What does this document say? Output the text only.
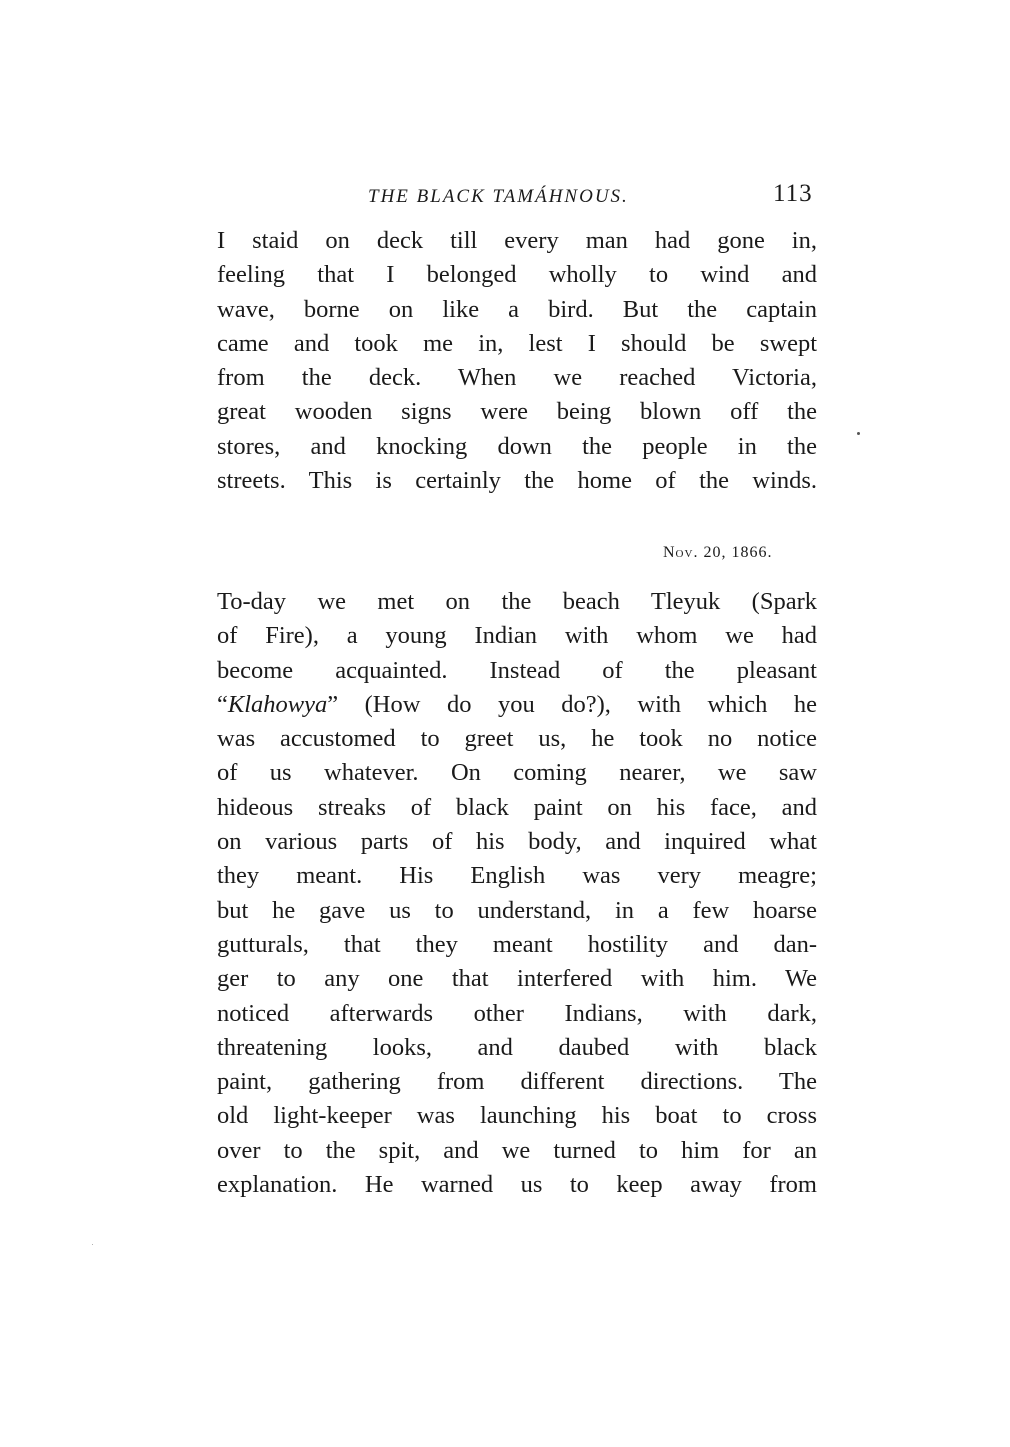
THE BLACK TAMÁHNOUS.	113

I staid on deck till every man had gone in,
feeling that I belonged wholly to wind and
wave, borne on like a bird. But the captain
came and took me in, lest I should be swept
from the deck. When we reached Victoria,
great wooden signs were being blown off the
stores, and knocking down the people in the
streets. This is certainly the home of the winds.

Nov. 20, 1866.

To-day we met on the beach Tleyuk (Spark
of Fire), a young Indian with whom we had
become acquainted. Instead of the pleasant
“Klahowya” (How do you do?), with which he
was accustomed to greet us, he took no notice
of us whatever. On coming nearer, we saw
hideous streaks of black paint on his face, and
on various parts of his body, and inquired what
they meant. His English was very meagre;
but he gave us to understand, in a few hoarse
gutturals, that they meant hostility and dan-
ger to any one that interfered with him. We
noticed afterwards other Indians, with dark,
threatening looks, and daubed with black
paint, gathering from different directions. The
old light-keeper was launching his boat to cross
over to the spit, and we turned to him for an
explanation. He warned us to keep away from
